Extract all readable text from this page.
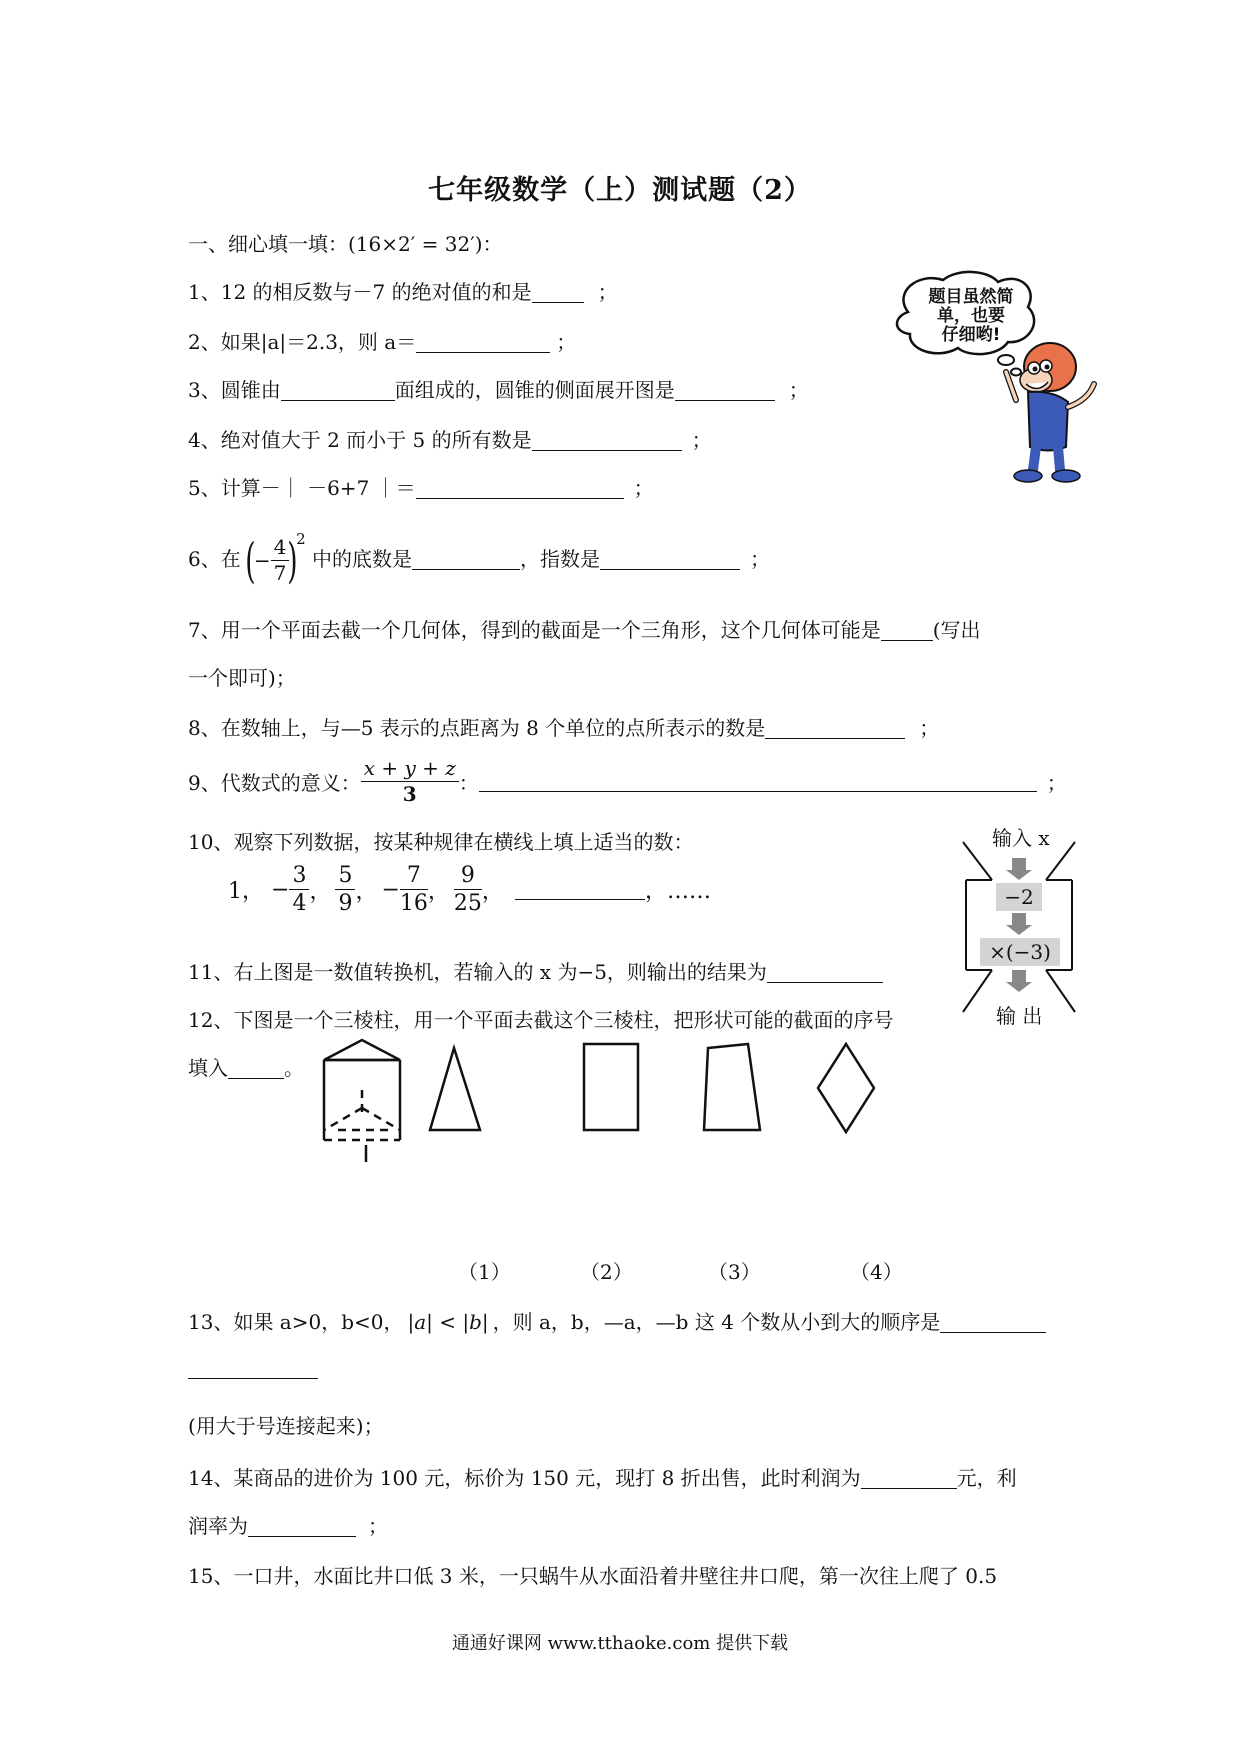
七年级数学（上）测试题（2）
一、细心填一填：(16×2′ = 32′)：
1、12 的相反数与－7 的绝对值的和是	；
2、如果|a|＝2.3，则 a＝	；
3、圆锥由	面组成的，圆锥的侧面展开图是	；
4、绝对值大于 2 而小于 5 的所有数是	；
5、计算－｜ －6+7 ｜＝	；
6、在 (− $\frac{4}{7}$
)$^2$ 中的底数是	，指数是	；
7、用一个平面去截一个几何体，得到的截面是一个三角形，这个几何体可能是	(写出
一个即可)；
8、在数轴上，与—5 表示的点距离为 8 个单位的点所表示的数是	；
9、代数式的意义： $\frac{x + y + z}{3}$ ：	；
10、观察下列数据，按某种规律在横线上填上适当的数：
1， − $\frac{3}{4}$ ， $\frac{5}{9}$ ， − $\frac{7}{16}$ ， $\frac{9}{25}$ ，	，……
11、右上图是一数值转换机，若输入的 x 为−5，则输出的结果为
12、下图是一个三棱柱，用一个平面去截这个三棱柱，把形状可能的截面的序号
填入	。
输入 x
−2
×(−3)
输 出
题目虽然简
单，也要
仔细哟!
（1）	（2）	（3）	（4）
13、如果 a>0，b<0， |a| < |b| ，则 a，b，—a，—b 这 4 个数从小到大的顺序是
(用大于号连接起来)；
14、某商品的进价为 100 元，标价为 150 元，现打 8 折出售，此时利润为	元，利
润率为	；
15、一口井，水面比井口低 3 米，一只蜗牛从水面沿着井壁往井口爬，第一次往上爬了 0.5
通通好课网 www.tthaoke.com 提供下载
